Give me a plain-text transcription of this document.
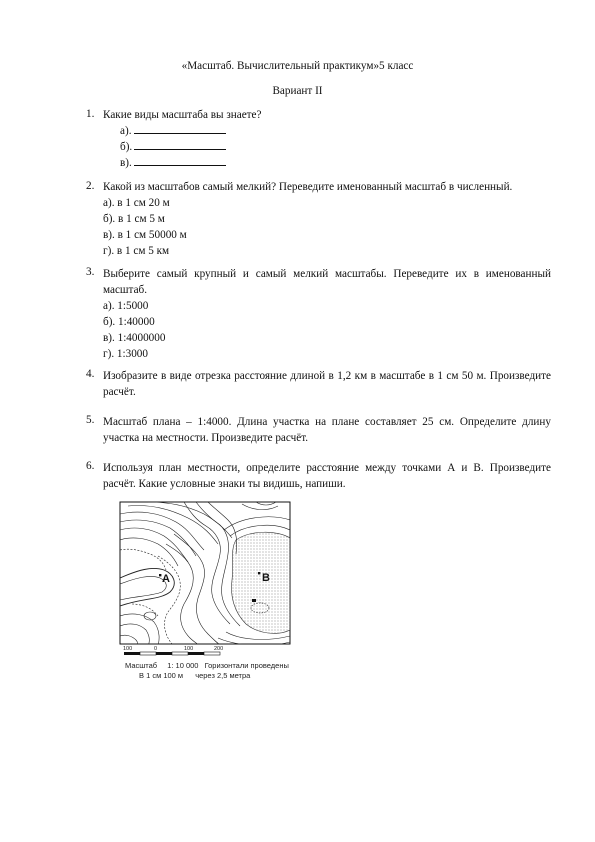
«Масштаб. Вычислительный практикум»5 класс
Вариант II
1. Какие виды масштаба вы знаете?
а).
б).
в).
2. Какой из масштабов самый мелкий? Переведите именованный масштаб в численный.
а). в 1 см 20 м
б). в 1 см 5 м
в). в 1 см 50000 м
г). в 1 см 5 км
3. Выберите самый крупный и самый мелкий масштабы. Переведите их в именованный масштаб.
а). 1:5000
б). 1:40000
в). 1:4000000
г). 1:3000
4. Изобразите в виде отрезка расстояние длиной в 1,2 км в масштабе в 1 см 50 м. Произведите расчёт.
5. Масштаб плана – 1:4000. Длина участка на плане составляет 25 см. Определите длину участка на местности. Произведите расчёт.
6. Используя план местности, определите расстояние между точками А и В. Произведите расчёт. Какие условные знаки ты видишь, напиши.
А	В
…
100	0	100	200
Масштаб 1: 10 000 Горизонтали проведены
В 1 см 100 м через 2,5 метра
